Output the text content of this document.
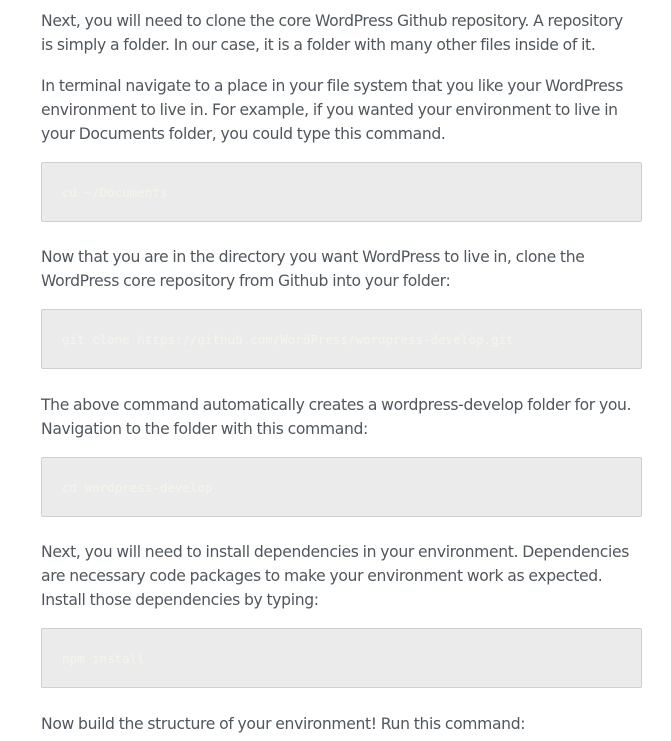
Next, you will need to clone the core WordPress Github repository. A repository
is simply a folder. In our case, it is a folder with many other files inside of it.

In terminal navigate to a place in your file system that you like your WordPress
environment to live in. For example, if you wanted your environment to live in
your Documents folder, you could type this command.

cd ~/Documents

Now that you are in the directory you want WordPress to live in, clone the
WordPress core repository from Github into your folder:

git clone https://github.com/WordPress/wordpress-develop.git

The above command automatically creates a wordpress-develop folder for you.
Navigation to the folder with this command:

cd wordpress-develop

Next, you will need to install dependencies in your environment. Dependencies
are necessary code packages to make your environment work as expected.
Install those dependencies by typing:

npm install

Now build the structure of your environment! Run this command:
